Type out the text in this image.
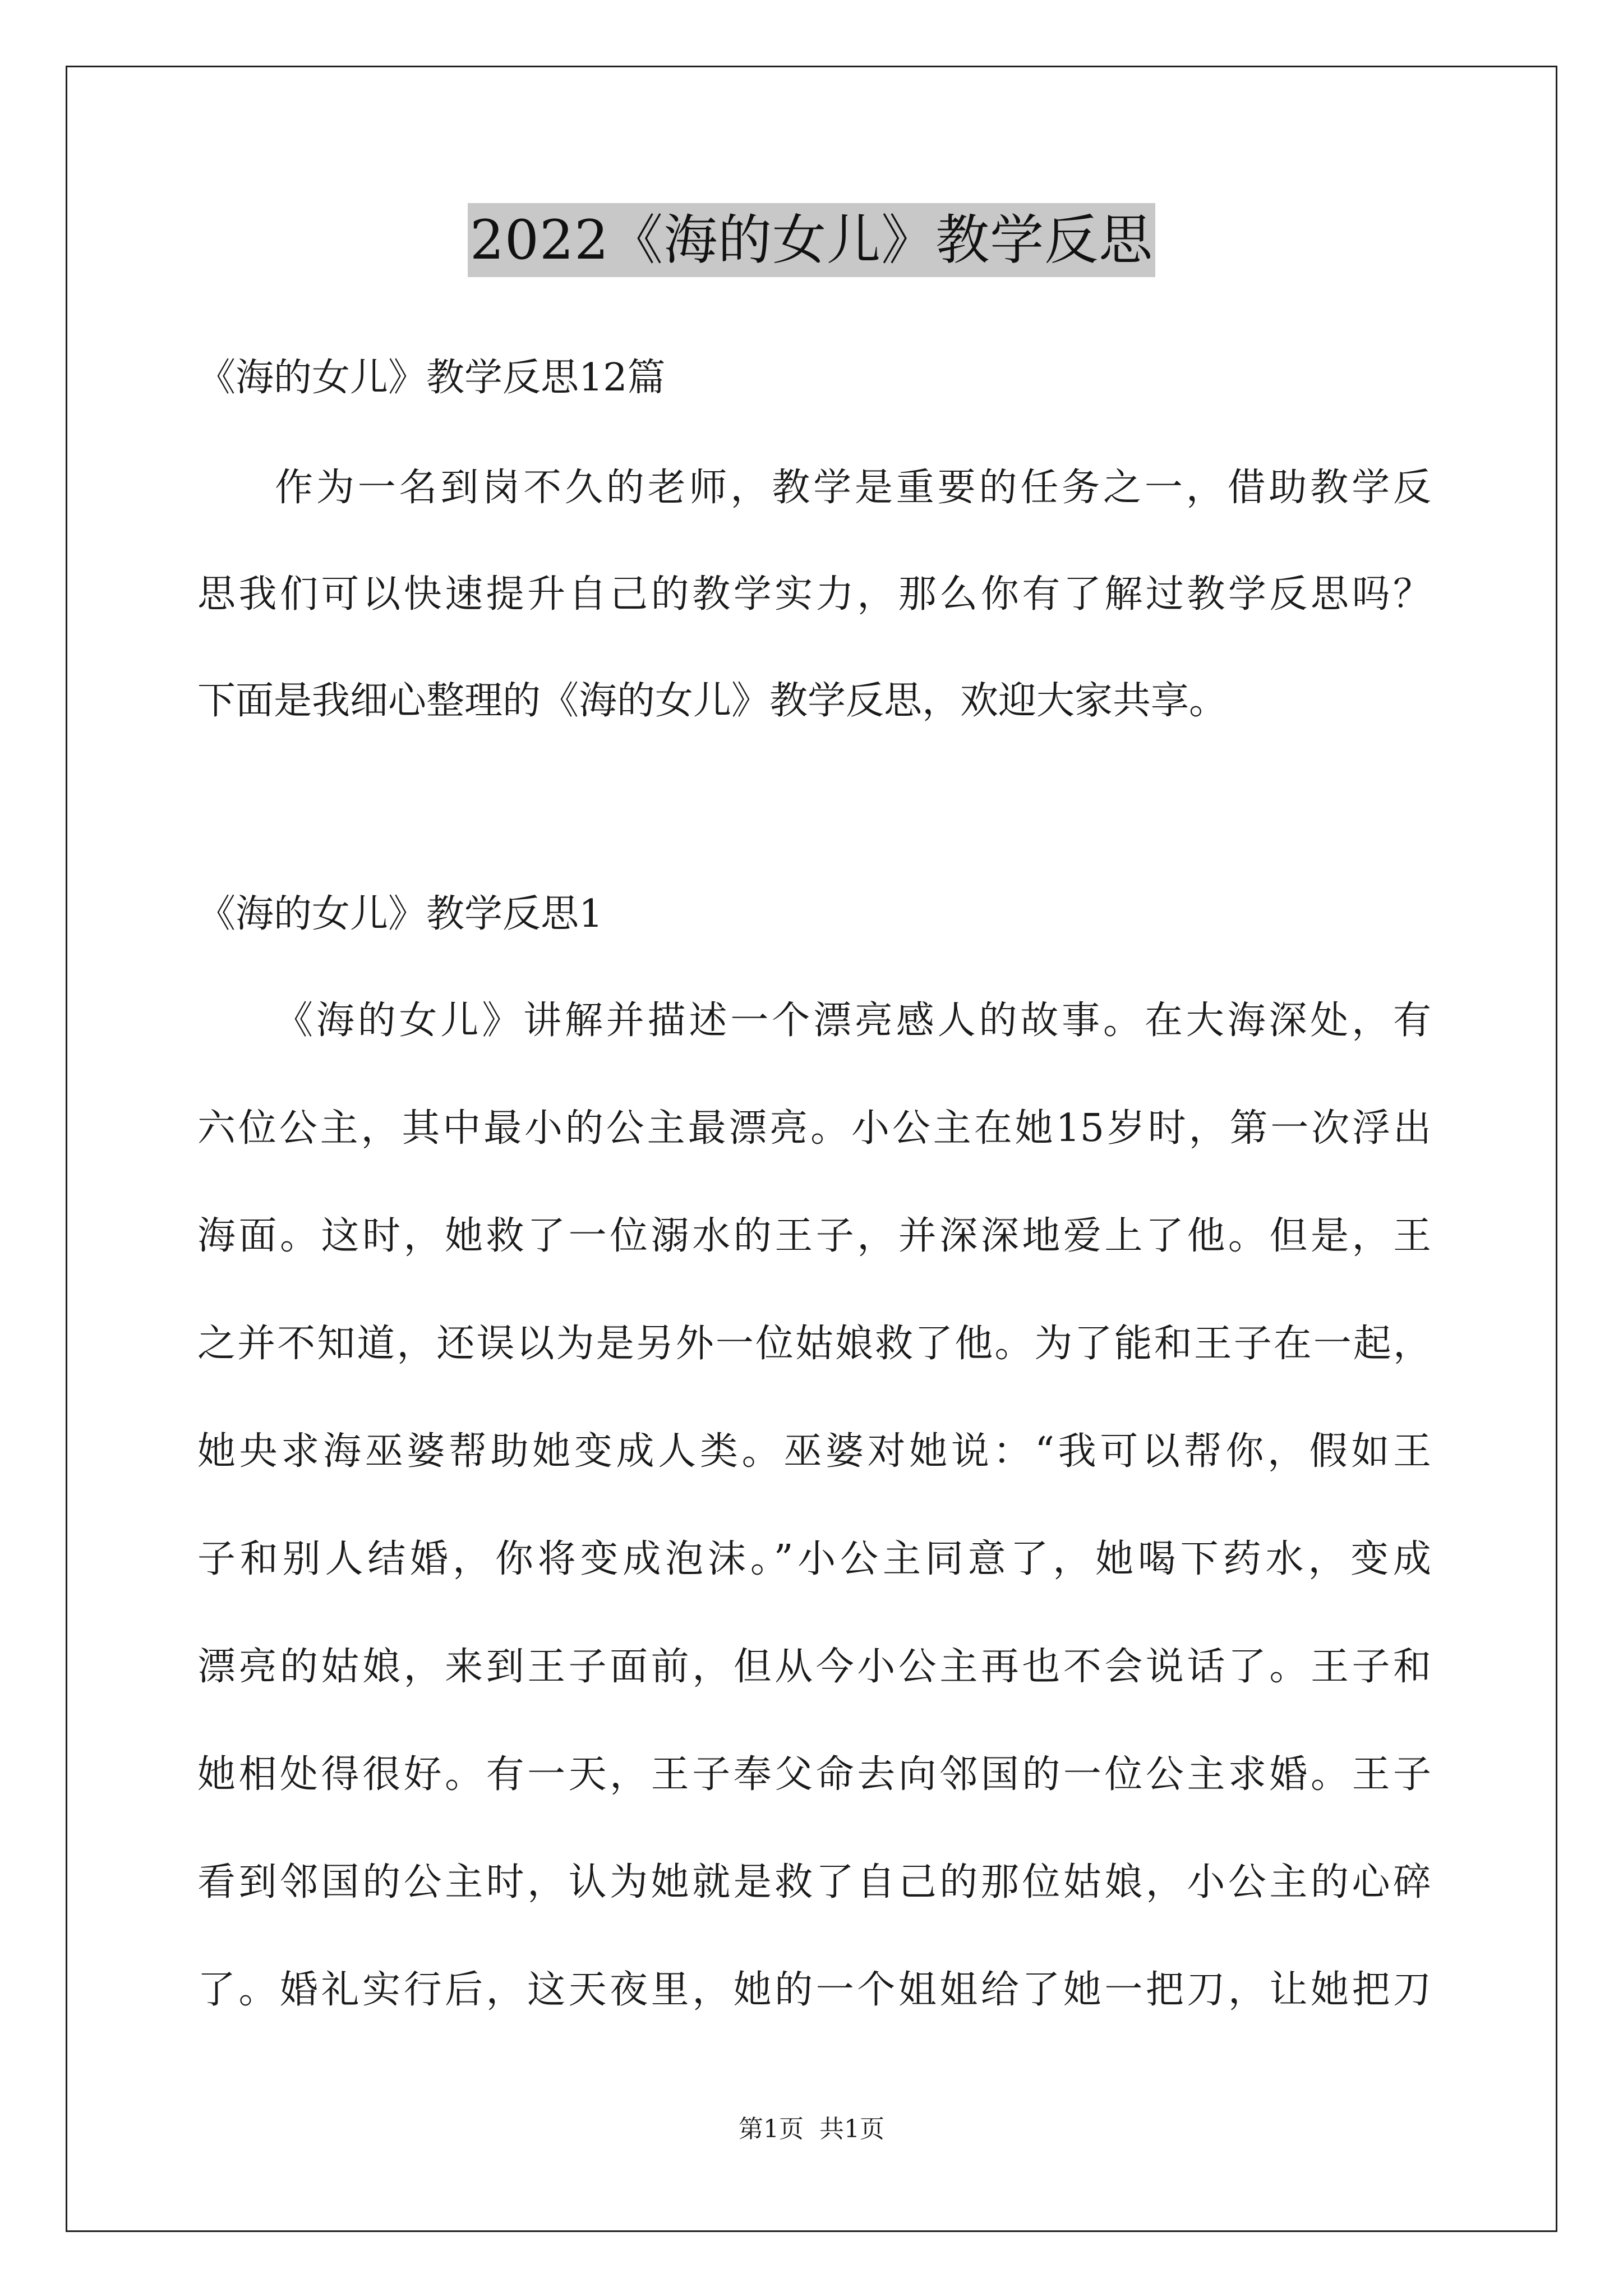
2022《海的女儿》教学反思
《海的女儿》教学反思12篇
作为一名到岗不久的老师，教学是重要的任务之一，借助教学反
思我们可以快速提升自己的教学实力，那么你有了解过教学反思吗？
下面是我细心整理的《海的女儿》教学反思，欢迎大家共享。
《海的女儿》教学反思1
《海的女儿》讲解并描述一个漂亮感人的故事。在大海深处，有
六位公主，其中最小的公主最漂亮。小公主在她15岁时，第一次浮出
海面。这时，她救了一位溺水的王子，并深深地爱上了他。但是，王
之并不知道，还误以为是另外一位姑娘救了他。为了能和王子在一起，
她央求海巫婆帮助她变成人类。巫婆对她说：“我可以帮你，假如王
子和别人结婚，你将变成泡沫。”小公主同意了，她喝下药水，变成
漂亮的姑娘，来到王子面前，但从今小公主再也不会说话了。王子和
她相处得很好。有一天，王子奉父命去向邻国的一位公主求婚。王子
看到邻国的公主时，认为她就是救了自己的那位姑娘，小公主的心碎
了。婚礼实行后，这天夜里，她的一个姐姐给了她一把刀，让她把刀
第1页 共1页
